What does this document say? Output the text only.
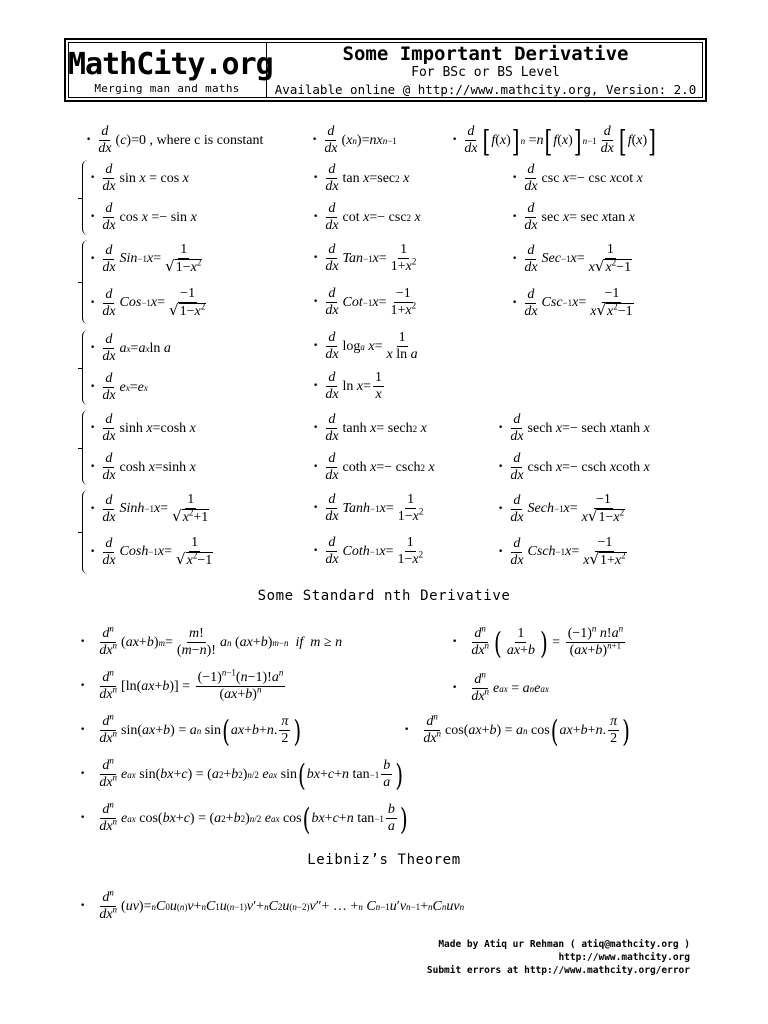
MathCity.org
Merging man and maths
Some Important Derivative
For BSc or BS Level
Available online @ http://www.mathcity.org, Version: 2.0
•
d
dx
( c )=0 , where c is constant	•
d
dx
( x n )= nx n−1	•
d
dx [ f ( x ) ] n = n [ f ( x ) ] n−1
d
dx [ f ( x ) ]
•
d
dx
sin x = cos x
•
d
dx
cos x =− sin x
•
d
dx
tan x =sec 2
x
•
d
dx
cot x =− csc 2
x
•
d
dx
csc x =− csc x cot x
•
d
dx
sec x = sec x tan x
•
d
dx
Sin −1 x =
1
√ $1-x^2$
•
d
dx
Cos −1 x =
−1
√ $1-x^2$
•
d
dx
Tan −1 x =
1
$1+x^2$
•
d
dx
Cot −1 x =
−1
$1+x^2$
•
d
dx
Sec −1 x =
1
x √ $x^2-1$
•
d
dx
Csc −1 x =
−1
x √ $x^2-1$
•
d
dx
a x = a x ln a
•
d
dx
e x = e x
•
d
dx
log a
x =
1
x ln a
•
d
dx
ln x =
1
x
•
d
dx
sinh x =cosh x
•
d
dx
cosh x =sinh x
•
d
dx
tanh x = sech 2
x
•
d
dx
coth x =− csch 2
x
•
d
dx
sech x =− sech x tanh x
•
d
dx
csch x =− csch x coth x
•
d
dx
Sinh −1 x =
1
√ $x^2+1$
•
d
dx
Cosh −1 x =
1
√ $x^2-1$
•
d
dx
Tanh −1 x =
1
$1-x^2$
•
d
dx
Coth −1 x =
1
$1-x^2$
•
d
dx
Sech −1 x =
−1
x √ $1-x^2$
•
d
dx
Csch −1 x =
−1
x √ $1+x^2$
Some Standard nth Derivative
•

$d^n$
$dx^n$ ( ax + b ) m =
m!
(m−n)!
a n ( ax + b ) m−n
if  m ≥ n	•

$d^n$
$dx^n$ ( 1
ax+b ) =
$(-1)^n$ $n!a^n$
$(ax+b)^{n+1}$
•

$d^n$
$dx^n$ [ln( ax + b )] =
$(-1)^{n-1}(n-1)!a^n$
$(ax+b)^n$	•

$d^n$
$dx^n$ e ax = a n e ax
•

$d^n$
$dx^n$ sin( ax + b ) = a n sin ( ax + b + n .
π
2 )	•

$d^n$
$dx^n$ cos( ax + b ) = a n cos ( ax + b + n .
π
2 )
•

$d^n$
$dx^n$ e ax sin( bx + c ) = ( a 2 + b 2 ) n/2
e ax sin ( bx + c + n tan −1
b
a )
•

$d^n$
$dx^n$ e ax cos( bx + c ) = ( a 2 + b 2 ) n/2
e ax cos ( bx + c + n tan −1
b
a )
Leibniz’s Theorem
•

$d^n$
$dx^n$ ( uv )= n C 0 u (n) v + n C 1 u (n−1) v ′+ n C 2 u (n−2) v ″+ … + n
C n−1 u ′ v n−1 + n C n uv n
Made by Atiq ur Rehman ( atiq@mathcity.org )
http://www.mathcity.org
Submit errors at http://www.mathcity.org/error
